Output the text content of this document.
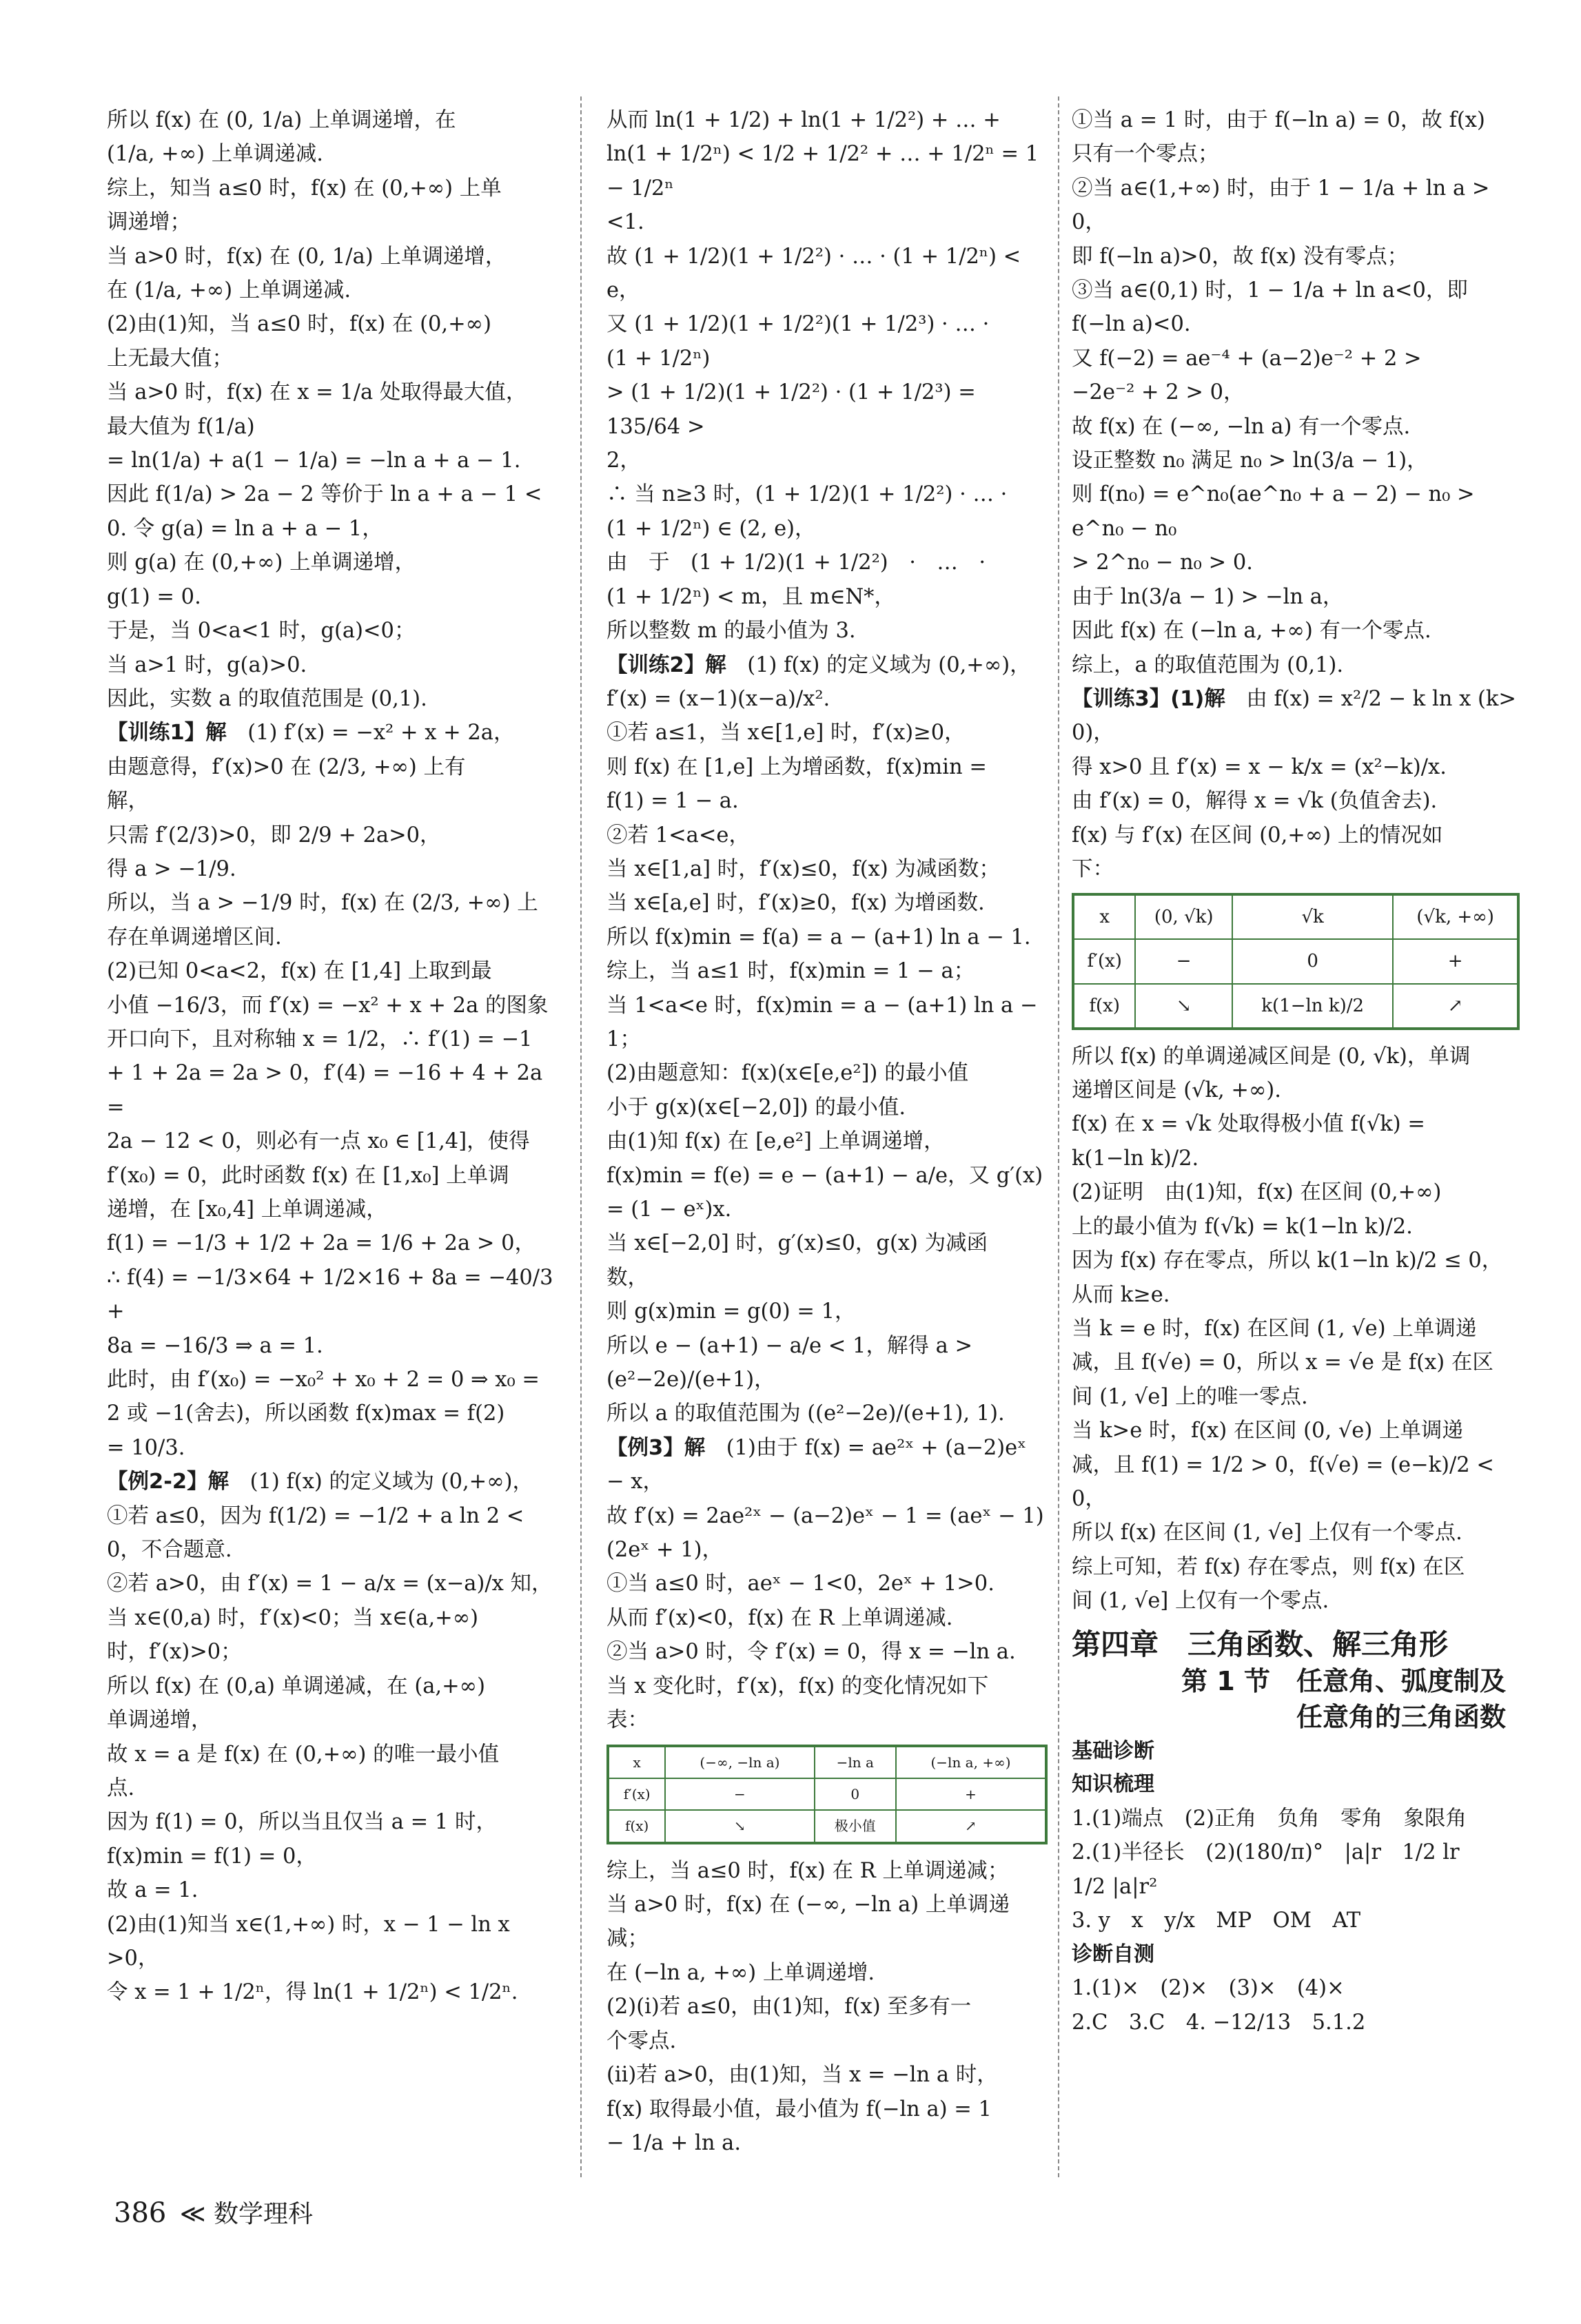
所以 f(x) 在 (0, 1/a) 上单调递增，在
(1/a, +∞) 上单调递减.
综上，知当 a≤0 时，f(x) 在 (0,+∞) 上单
调递增；
当 a>0 时，f(x) 在 (0, 1/a) 上单调递增，
在 (1/a, +∞) 上单调递减.
(2)由(1)知，当 a≤0 时，f(x) 在 (0,+∞)
上无最大值；
当 a>0 时，f(x) 在 x = 1/a 处取得最大值，
最大值为 f(1/a)
= ln(1/a) + a(1 − 1/a) = −ln a + a − 1.
因此 f(1/a) > 2a − 2 等价于 ln a + a − 1 <
0. 令 g(a) = ln a + a − 1，
则 g(a) 在 (0,+∞) 上单调递增，
g(1) = 0.
于是，当 0<a<1 时，g(a)<0；
当 a>1 时，g(a)>0.
因此，实数 a 的取值范围是 (0,1).
【训练1】解　(1) f′(x) = −x² + x + 2a，
由题意得，f′(x)>0 在 (2/3, +∞) 上有
解，
只需 f′(2/3)>0，即 2/9 + 2a>0，
得 a > −1/9.
所以，当 a > −1/9 时，f(x) 在 (2/3, +∞) 上
存在单调递增区间.
(2)已知 0<a<2，f(x) 在 [1,4] 上取到最
小值 −16/3，而 f′(x) = −x² + x + 2a 的图象
开口向下，且对称轴 x = 1/2，∴ f′(1) = −1
+ 1 + 2a = 2a > 0，f′(4) = −16 + 4 + 2a =
2a − 12 < 0，则必有一点 x₀ ∈ [1,4]，使得
f′(x₀) = 0，此时函数 f(x) 在 [1,x₀] 上单调
递增，在 [x₀,4] 上单调递减，
f(1) = −1/3 + 1/2 + 2a = 1/6 + 2a > 0，
∴ f(4) = −1/3×64 + 1/2×16 + 8a = −40/3 +
8a = −16/3 ⇒ a = 1.
此时，由 f′(x₀) = −x₀² + x₀ + 2 = 0 ⇒ x₀ =
2 或 −1(舍去)，所以函数 f(x)max = f(2)
= 10/3.
【例2-2】解　(1) f(x) 的定义域为 (0,+∞)，
①若 a≤0，因为 f(1/2) = −1/2 + a ln 2 <
0，不合题意.
②若 a>0，由 f′(x) = 1 − a/x = (x−a)/x 知，
当 x∈(0,a) 时，f′(x)<0；当 x∈(a,+∞)
时，f′(x)>0；
所以 f(x) 在 (0,a) 单调递减，在 (a,+∞)
单调递增，
故 x = a 是 f(x) 在 (0,+∞) 的唯一最小值
点.
因为 f(1) = 0，所以当且仅当 a = 1 时，
f(x)min = f(1) = 0，
故 a = 1.
(2)由(1)知当 x∈(1,+∞) 时，x − 1 − ln x
>0，
令 x = 1 + 1/2ⁿ，得 ln(1 + 1/2ⁿ) < 1/2ⁿ.
从而 ln(1 + 1/2) + ln(1 + 1/2²) + … +
ln(1 + 1/2ⁿ) < 1/2 + 1/2² + … + 1/2ⁿ = 1 − 1/2ⁿ
<1.
故 (1 + 1/2)(1 + 1/2²) · … · (1 + 1/2ⁿ) <
e，
又 (1 + 1/2)(1 + 1/2²)(1 + 1/2³) · … ·
(1 + 1/2ⁿ)
> (1 + 1/2)(1 + 1/2²) · (1 + 1/2³) = 135/64 >
2，
∴ 当 n≥3 时，(1 + 1/2)(1 + 1/2²) · … ·
(1 + 1/2ⁿ) ∈ (2, e)，
由　于　(1 + 1/2)(1 + 1/2²)　·　…　·
(1 + 1/2ⁿ) < m，且 m∈N*，
所以整数 m 的最小值为 3.
【训练2】解　(1) f(x) 的定义域为 (0,+∞)，
f′(x) = (x−1)(x−a)/x².
①若 a≤1，当 x∈[1,e] 时，f′(x)≥0，
则 f(x) 在 [1,e] 上为增函数，f(x)min =
f(1) = 1 − a.
②若 1<a<e，
当 x∈[1,a] 时，f′(x)≤0，f(x) 为减函数；
当 x∈[a,e] 时，f′(x)≥0，f(x) 为增函数.
所以 f(x)min = f(a) = a − (a+1) ln a − 1.
综上，当 a≤1 时，f(x)min = 1 − a；
当 1<a<e 时，f(x)min = a − (a+1) ln a −
1；
(2)由题意知：f(x)(x∈[e,e²]) 的最小值
小于 g(x)(x∈[−2,0]) 的最小值.
由(1)知 f(x) 在 [e,e²] 上单调递增，
f(x)min = f(e) = e − (a+1) − a/e，又 g′(x)
= (1 − eˣ)x.
当 x∈[−2,0] 时，g′(x)≤0，g(x) 为减函
数，
则 g(x)min = g(0) = 1，
所以 e − (a+1) − a/e < 1，解得 a > (e²−2e)/(e+1)，
所以 a 的取值范围为 ((e²−2e)/(e+1), 1).
【例3】解　(1)由于 f(x) = ae²ˣ + (a−2)eˣ
− x，
故 f′(x) = 2ae²ˣ − (a−2)eˣ − 1 = (aeˣ − 1)
(2eˣ + 1)，
①当 a≤0 时，aeˣ − 1<0，2eˣ + 1>0.
从而 f′(x)<0，f(x) 在 R 上单调递减.
②当 a>0 时，令 f′(x) = 0，得 x = −ln a.
当 x 变化时，f′(x)，f(x) 的变化情况如下
表：
x	(−∞, −ln a)	−ln a	(−ln a, +∞)
f′(x)	−	0	+
f(x)	↘	极小值	↗
综上，当 a≤0 时，f(x) 在 R 上单调递减；
当 a>0 时，f(x) 在 (−∞, −ln a) 上单调递
减；
在 (−ln a, +∞) 上单调递增.
(2)(ⅰ)若 a≤0，由(1)知，f(x) 至多有一
个零点.
(ⅱ)若 a>0，由(1)知，当 x = −ln a 时，
f(x) 取得最小值，最小值为 f(−ln a) = 1
− 1/a + ln a.
①当 a = 1 时，由于 f(−ln a) = 0，故 f(x)
只有一个零点；
②当 a∈(1,+∞) 时，由于 1 − 1/a + ln a >
0，
即 f(−ln a)>0，故 f(x) 没有零点；
③当 a∈(0,1) 时，1 − 1/a + ln a<0，即
f(−ln a)<0.
又 f(−2) = ae⁻⁴ + (a−2)e⁻² + 2 >
−2e⁻² + 2 > 0，
故 f(x) 在 (−∞, −ln a) 有一个零点.
设正整数 n₀ 满足 n₀ > ln(3/a − 1)，
则 f(n₀) = e^n₀(ae^n₀ + a − 2) − n₀ > e^n₀ − n₀
> 2^n₀ − n₀ > 0.
由于 ln(3/a − 1) > −ln a，
因此 f(x) 在 (−ln a, +∞) 有一个零点.
综上，a 的取值范围为 (0,1).
【训练3】(1)解　由 f(x) = x²/2 − k ln x (k>
0)，
得 x>0 且 f′(x) = x − k/x = (x²−k)/x.
由 f′(x) = 0，解得 x = √k (负值舍去).
f(x) 与 f′(x) 在区间 (0,+∞) 上的情况如
下：
x	(0, √k)	√k	(√k, +∞)
f′(x)	−	0	+
f(x)	↘	k(1−ln k)/2	↗
所以 f(x) 的单调递减区间是 (0, √k)，单调
递增区间是 (√k, +∞).
f(x) 在 x = √k 处取得极小值 f(√k) =
k(1−ln k)/2.
(2)证明　由(1)知，f(x) 在区间 (0,+∞)
上的最小值为 f(√k) = k(1−ln k)/2.
因为 f(x) 存在零点，所以 k(1−ln k)/2 ≤ 0，
从而 k≥e.
当 k = e 时，f(x) 在区间 (1, √e) 上单调递
减，且 f(√e) = 0，所以 x = √e 是 f(x) 在区
间 (1, √e] 上的唯一零点.
当 k>e 时，f(x) 在区间 (0, √e) 上单调递
减，且 f(1) = 1/2 > 0，f(√e) = (e−k)/2 < 0，
所以 f(x) 在区间 (1, √e] 上仅有一个零点.
综上可知，若 f(x) 存在零点，则 f(x) 在区
间 (1, √e] 上仅有一个零点.
第四章　三角函数、解三角形
第 1 节　任意角、弧度制及
任意角的三角函数
基础诊断
知识梳理
1.(1)端点　(2)正角　负角　零角　象限角
2.(1)半径长　(2)(180/π)°　|a|r　1/2 lr
1/2 |a|r²
3. y　x　y/x　MP　OM　AT
诊断自测
1.(1)×　(2)×　(3)×　(4)×
2.C　3.C　4. −12/13　5.1.2
386 ≪ 数学理科
